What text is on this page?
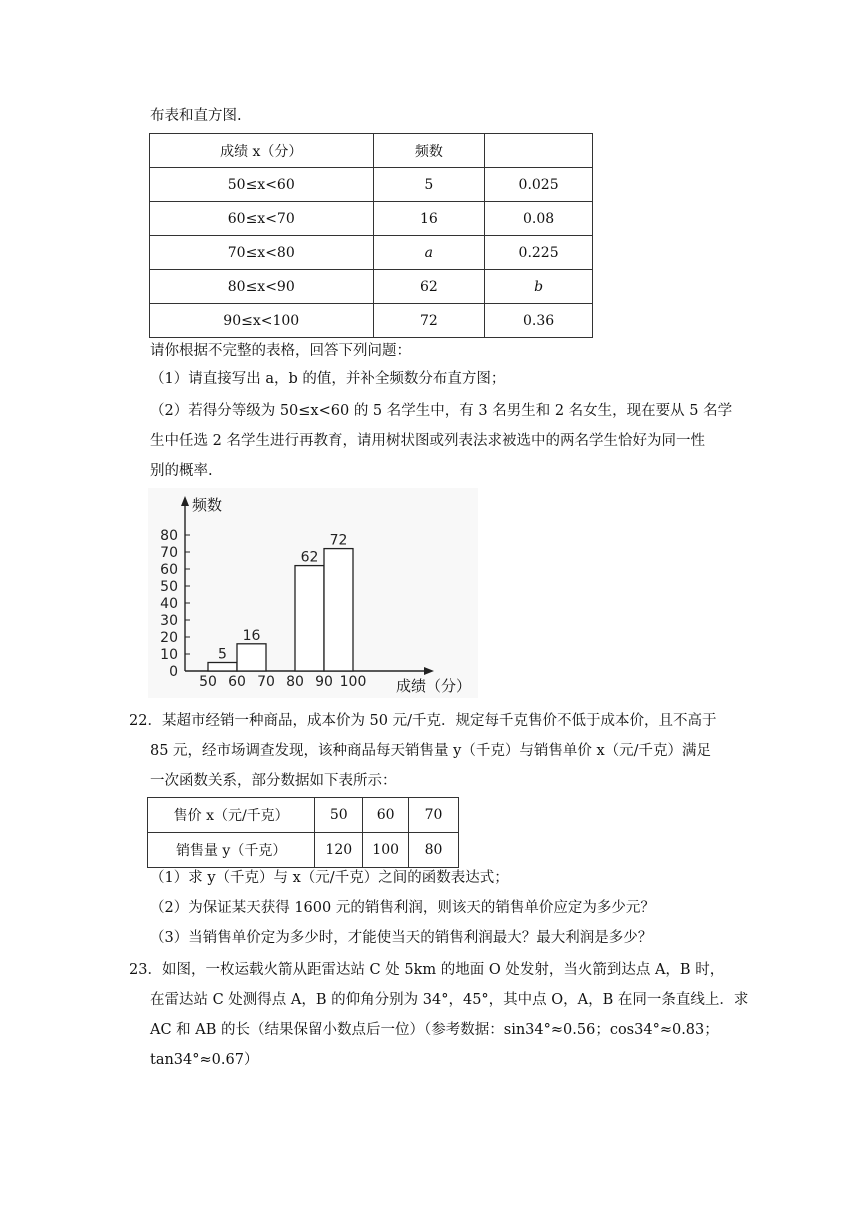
布表和直方图.
成绩 x（分）	频数	
50≤x<60	5	0.025
60≤x<70	16	0.08
70≤x<80	a	0.225
80≤x<90	62	b
90≤x<100	72	0.36
请你根据不完整的表格，回答下列问题：
（1）请直接写出 a，b 的值，并补全频数分布直方图；
（2）若得分等级为 50≤x<60 的 5 名学生中，有 3 名男生和 2 名女生，现在要从 5 名学
生中任选 2 名学生进行再教育，请用树状图或列表法求被选中的两名学生恰好为同一性
别的概率.
0
10
20
30
40
50
60
70
80
50 60 70 80 90 100
5
16
62
72
频数
成绩（分）
22．某超市经销一种商品，成本价为 50 元/千克．规定每千克售价不低于成本价，且不高于
85 元，经市场调查发现，该种商品每天销售量 y（千克）与销售单价 x（元/千克）满足
一次函数关系，部分数据如下表所示：
售价 x（元/千克）	50	60	70
销售量 y（千克）	120	100	80
（1）求 y（千克）与 x（元/千克）之间的函数表达式；
（2）为保证某天获得 1600 元的销售利润，则该天的销售单价应定为多少元？
（3）当销售单价定为多少时，才能使当天的销售利润最大？最大利润是多少？
23．如图，一枚运载火箭从距雷达站 C 处 5km 的地面 O 处发射，当火箭到达点 A，B 时，
在雷达站 C 处测得点 A，B 的仰角分别为 34°，45°，其中点 O，A，B 在同一条直线上．求
AC 和 AB 的长（结果保留小数点后一位）（参考数据：sin34°≈0.56；cos34°≈0.83；
tan34°≈0.67）
